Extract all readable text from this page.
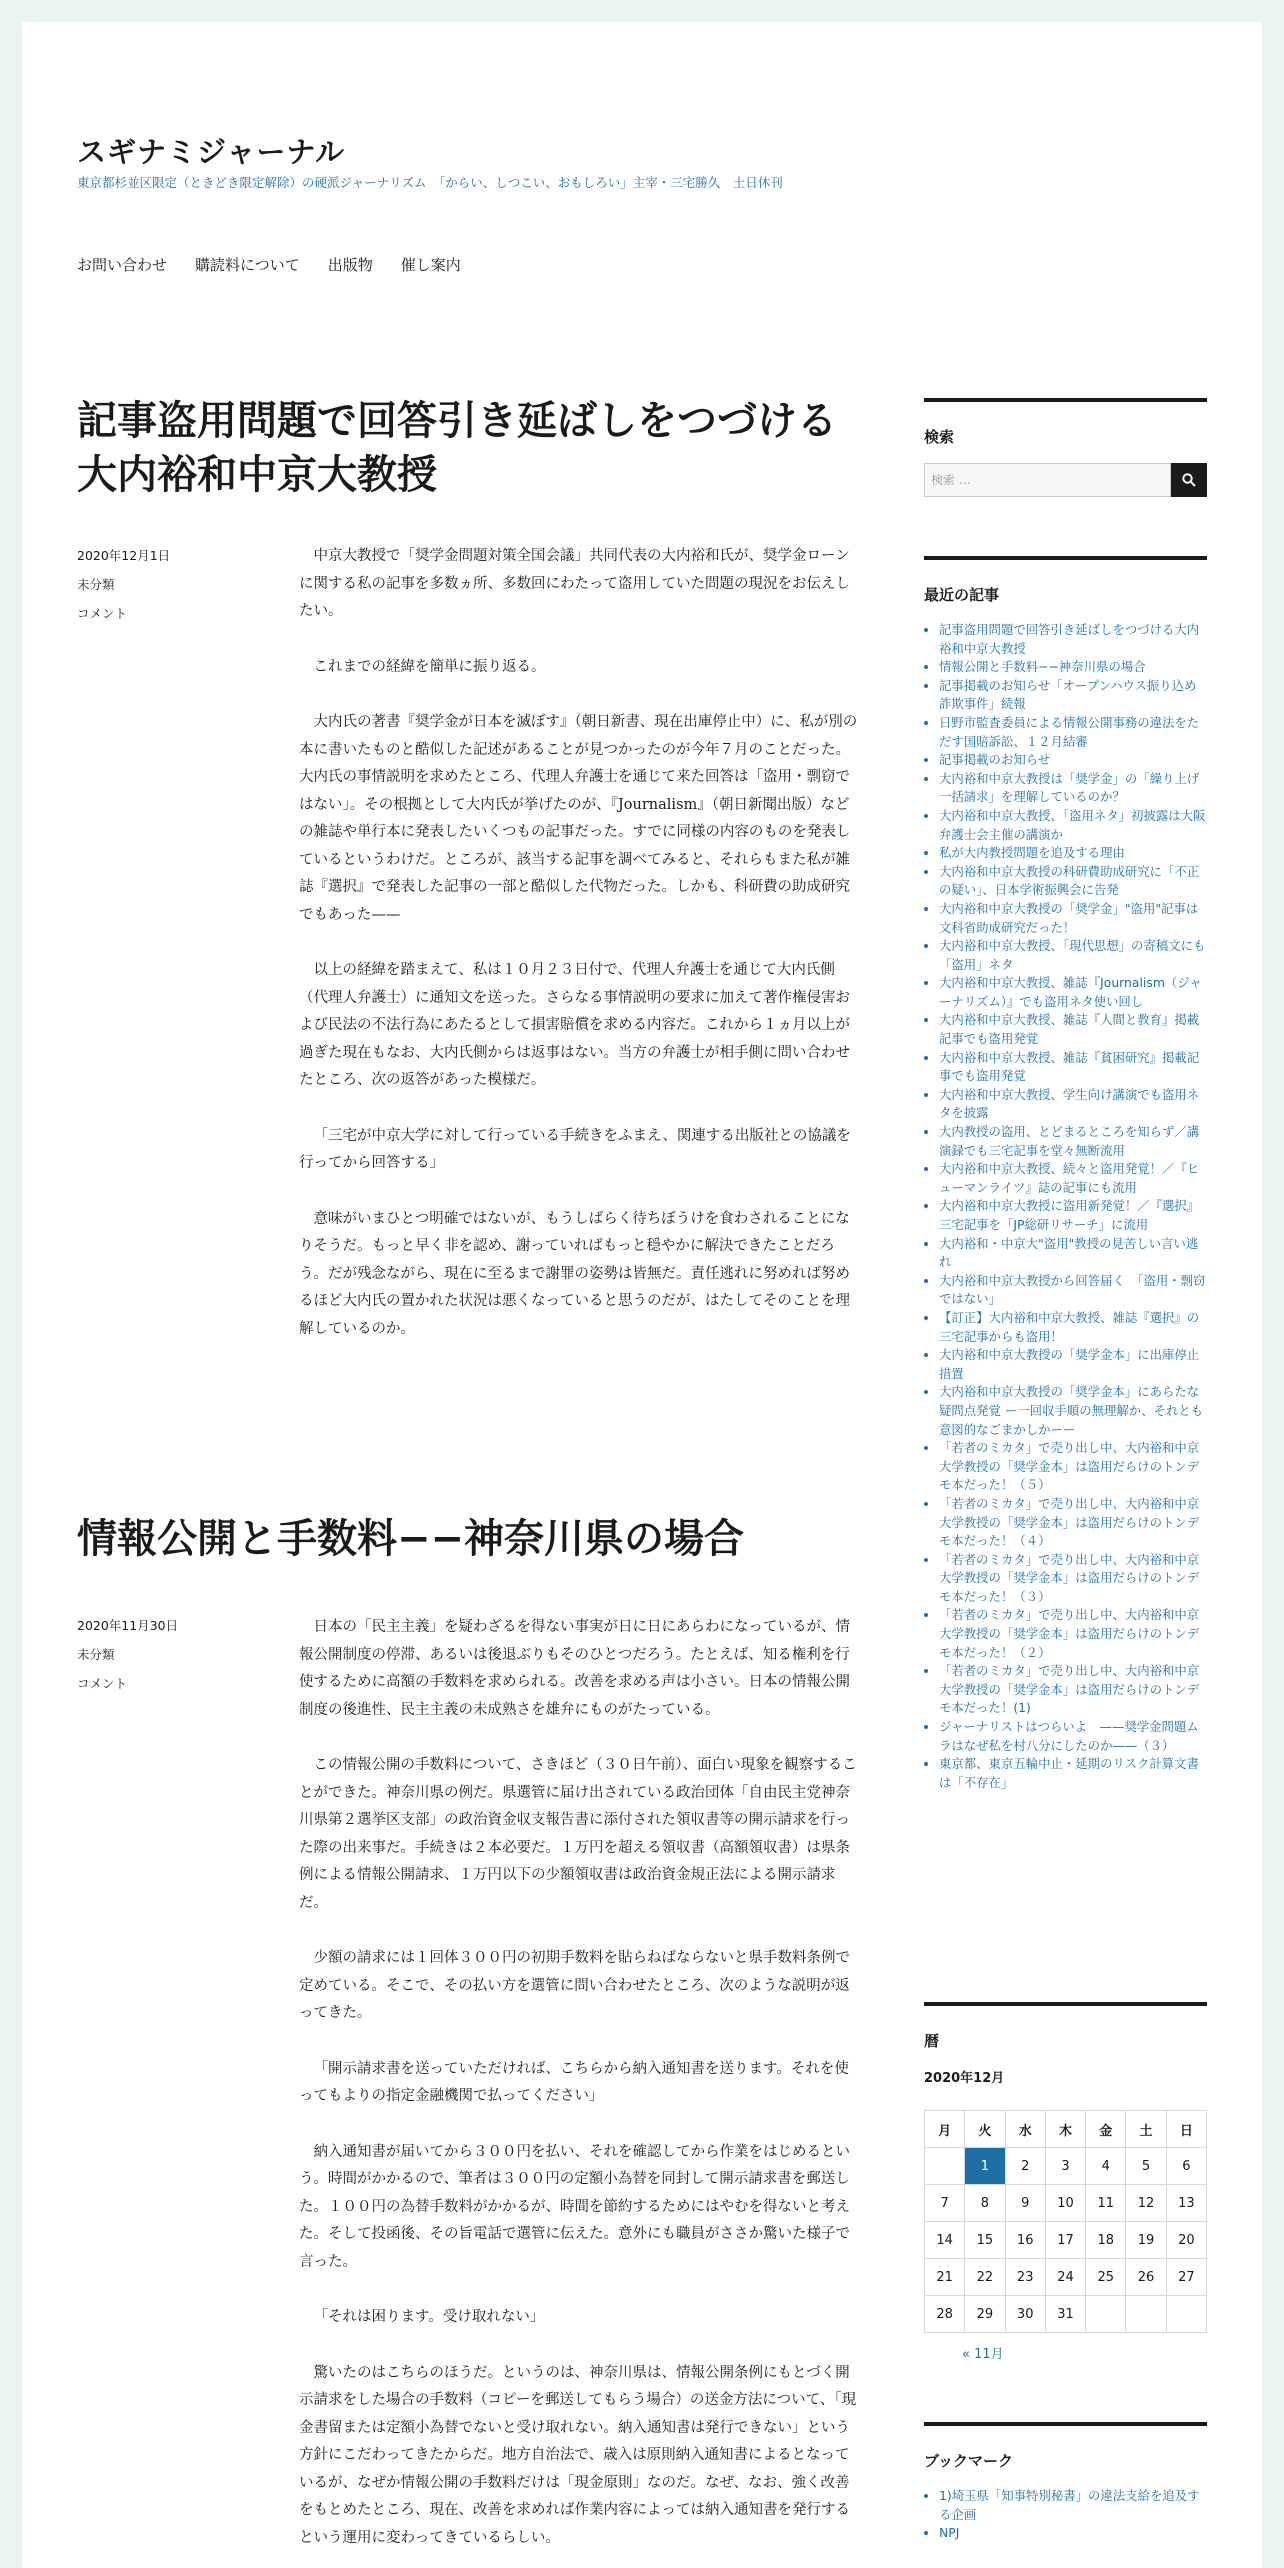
スギナミジャーナル
東京都杉並区限定（ときどき限定解除）の硬派ジャーナリズム　「からい、しつこい、おもしろい」主宰・三宅勝久　土日休刊
お問い合わせ 購読料について 出版物 催し案内
記事盗用問題で回答引き延ばしをつづける
大内裕和中京大教授
2020年12月1日
未分類
コメント

中京大教授で「奨学金問題対策全国会議」共同代表の大内裕和氏が、奨学金ローンに関する私の記事を多数ヵ所、多数回にわたって盗用していた問題の現況をお伝えしたい。

これまでの経緯を簡単に振り返る。

大内氏の著書『奨学金が日本を滅ぼす』（朝日新書、現在出庫停止中）に、私が別の本に書いたものと酷似した記述があることが見つかったのが今年７月のことだった。大内氏の事情説明を求めたところ、代理人弁護士を通じて来た回答は「盗用・剽窃ではない」。その根拠として大内氏が挙げたのが、『Journalism』（朝日新聞出版）などの雑誌や単行本に発表したいくつもの記事だった。すでに同様の内容のものを発表しているというわけだ。ところが、該当する記事を調べてみると、それらもまた私が雑誌『選択』で発表した記事の一部と酷似した代物だった。しかも、科研費の助成研究でもあった——

以上の経緯を踏まえて、私は１０月２３日付で、代理人弁護士を通じて大内氏側（代理人弁護士）に通知文を送った。さらなる事情説明の要求に加えて著作権侵害および民法の不法行為にあたるとして損害賠償を求める内容だ。これから１ヵ月以上が過ぎた現在もなお、大内氏側からは返事はない。当方の弁護士が相手側に問い合わせたところ、次の返答があった模様だ。

「三宅が中京大学に対して行っている手続きをふまえ、関連する出版社との協議を行ってから回答する」

意味がいまひとつ明確ではないが、もうしばらく待ちぼうけを食わされることになりそうだ。もっと早く非を認め、謝っていればもっと穏やかに解決できたことだろう。だが残念ながら、現在に至るまで謝罪の姿勢は皆無だ。責任逃れに努めれば努めるほど大内氏の置かれた状況は悪くなっていると思うのだが、はたしてそのことを理解しているのか。

情報公開と手数料−−神奈川県の場合
2020年11月30日
未分類
コメント

日本の「民主主義」を疑わざるを得ない事実が日に日にあらわになっているが、情報公開制度の停滞、あるいは後退ぶりもそのひとつだろう。たとえば、知る権利を行使するために高額の手数料を求められる。改善を求める声は小さい。日本の情報公開制度の後進性、民主主義の未成熟さを雄弁にものがたっている。

この情報公開の手数料について、さきほど（３０日午前）、面白い現象を観察することができた。神奈川県の例だ。県選管に届け出されている政治団体「自由民主党神奈川県第２選挙区支部」の政治資金収支報告書に添付された領収書等の開示請求を行った際の出来事だ。手続きは２本必要だ。１万円を超える領収書（高額領収書）は県条例による情報公開請求、１万円以下の少額領収書は政治資金規正法による開示請求だ。

少額の請求には１回体３００円の初期手数料を貼らねばならないと県手数料条例で定めている。そこで、その払い方を選管に問い合わせたところ、次のような説明が返ってきた。

「開示請求書を送っていただければ、こちらから納入通知書を送ります。それを使ってもよりの指定金融機関で払ってください」

納入通知書が届いてから３００円を払い、それを確認してから作業をはじめるという。時間がかかるので、筆者は３００円の定額小為替を同封して開示請求書を郵送した。１００円の為替手数料がかかるが、時間を節約するためにはやむを得ないと考えた。そして投函後、その旨電話で選管に伝えた。意外にも職員がささか驚いた様子で言った。

「それは困ります。受け取れない」

驚いたのはこちらのほうだ。というのは、神奈川県は、情報公開条例にもとづく開示請求をした場合の手数料（コピーを郵送してもらう場合）の送金方法について、「現金書留または定額小為替でないと受け取れない。納入通知書は発行できない」という方針にこだわってきたからだ。地方自治法で、歳入は原則納入通知書によるとなっているが、なぜか情報公開の手数料だけは「現金原則」なのだ。なぜ、なお、強く改善をもとめたところ、現在、改善を求めれば作業内容によっては納入通知書を発行するという運用に変わってきているらしい。

検索
検索 …
最近の記事
• 記事盗用問題で回答引き延ばしをつづける大内裕和中京大教授
• 情報公開と手数料−−神奈川県の場合
• 記事掲載のお知らせ「オープンハウス振り込め詐欺事件」続報
• 日野市監査委員による情報公開事務の違法をただす国賠訴訟、１２月結審
• 記事掲載のお知らせ
• 大内裕和中京大教授は「奨学金」の「繰り上げ一括請求」を理解しているのか？
• 大内裕和中京大教授、「盗用ネタ」初披露は大阪弁護士会主催の講演か
• 私が大内教授問題を追及する理由
• 大内裕和中京大教授の科研費助成研究に「不正の疑い」、日本学術振興会に告発
• 大内裕和中京大教授の「奨学金」"盗用"記事は文科省助成研究だった！
• 大内裕和中京大教授、「現代思想」の寄稿文にも「盗用」ネタ
• 大内裕和中京大教授、雑誌『Journalism（ジャーナリズム）』でも盗用ネタ使い回し
• 大内裕和中京大教授、雑誌『人間と教育』掲載記事でも盗用発覚
• 大内裕和中京大教授、雑誌『貧困研究』掲載記事でも盗用発覚
• 大内裕和中京大教授、学生向け講演でも盗用ネタを披露
• 大内教授の盗用、とどまるところを知らず／講演録でも三宅記事を堂々無断流用
• 大内裕和中京大教授、続々と盗用発覚！／『ヒューマンライツ』誌の記事にも流用
• 大内裕和中京大教授に盗用新発覚！／『選択』三宅記事を「JP総研リサーチ」に流用
• 大内裕和・中京大"盗用"教授の見苦しい言い逃れ
• 大内裕和中京大教授から回答届く　「盗用・剽窃ではない」
• 【訂正】大内裕和中京大教授、雑誌『選択』の三宅記事からも盗用！
• 大内裕和中京大教授の「奨学金本」に出庫停止措置
• 大内裕和中京大教授の「奨学金本」にあらたな疑問点発覚 ー一回収手順の無理解か、それとも意図的なごまかしかーー
• 「若者のミカタ」で売り出し中、大内裕和中京大学教授の「奨学金本」は盗用だらけのトンデモ本だった！（５）
• 「若者のミカタ」で売り出し中、大内裕和中京大学教授の「奨学金本」は盗用だらけのトンデモ本だった！（４）
• 「若者のミカタ」で売り出し中、大内裕和中京大学教授の「奨学金本」は盗用だらけのトンデモ本だった！（３）
• 「若者のミカタ」で売り出し中、大内裕和中京大学教授の「奨学金本」は盗用だらけのトンデモ本だった！（２）
• 「若者のミカタ」で売り出し中、大内裕和中京大学教授の「奨学金本」は盗用だらけのトンデモ本だった！(1)
• ジャーナリストはつらいよ　——奨学金問題ムラはなぜ私を村八分にしたのか——（３）
• 東京都、東京五輪中止・延期のリスク計算文書は「不存在」
暦
2020年12月
月	火	水	木	金	土	日
	1	2	3	4	5	6
7	8	9	10	11	12	13
14	15	16	17	18	19	20
21	22	23	24	25	26	27
28	29	30	31			
« 11月
ブックマーク
• 1)埼玉県「知事特別秘書」の違法支給を追及する企画
• NPJ
